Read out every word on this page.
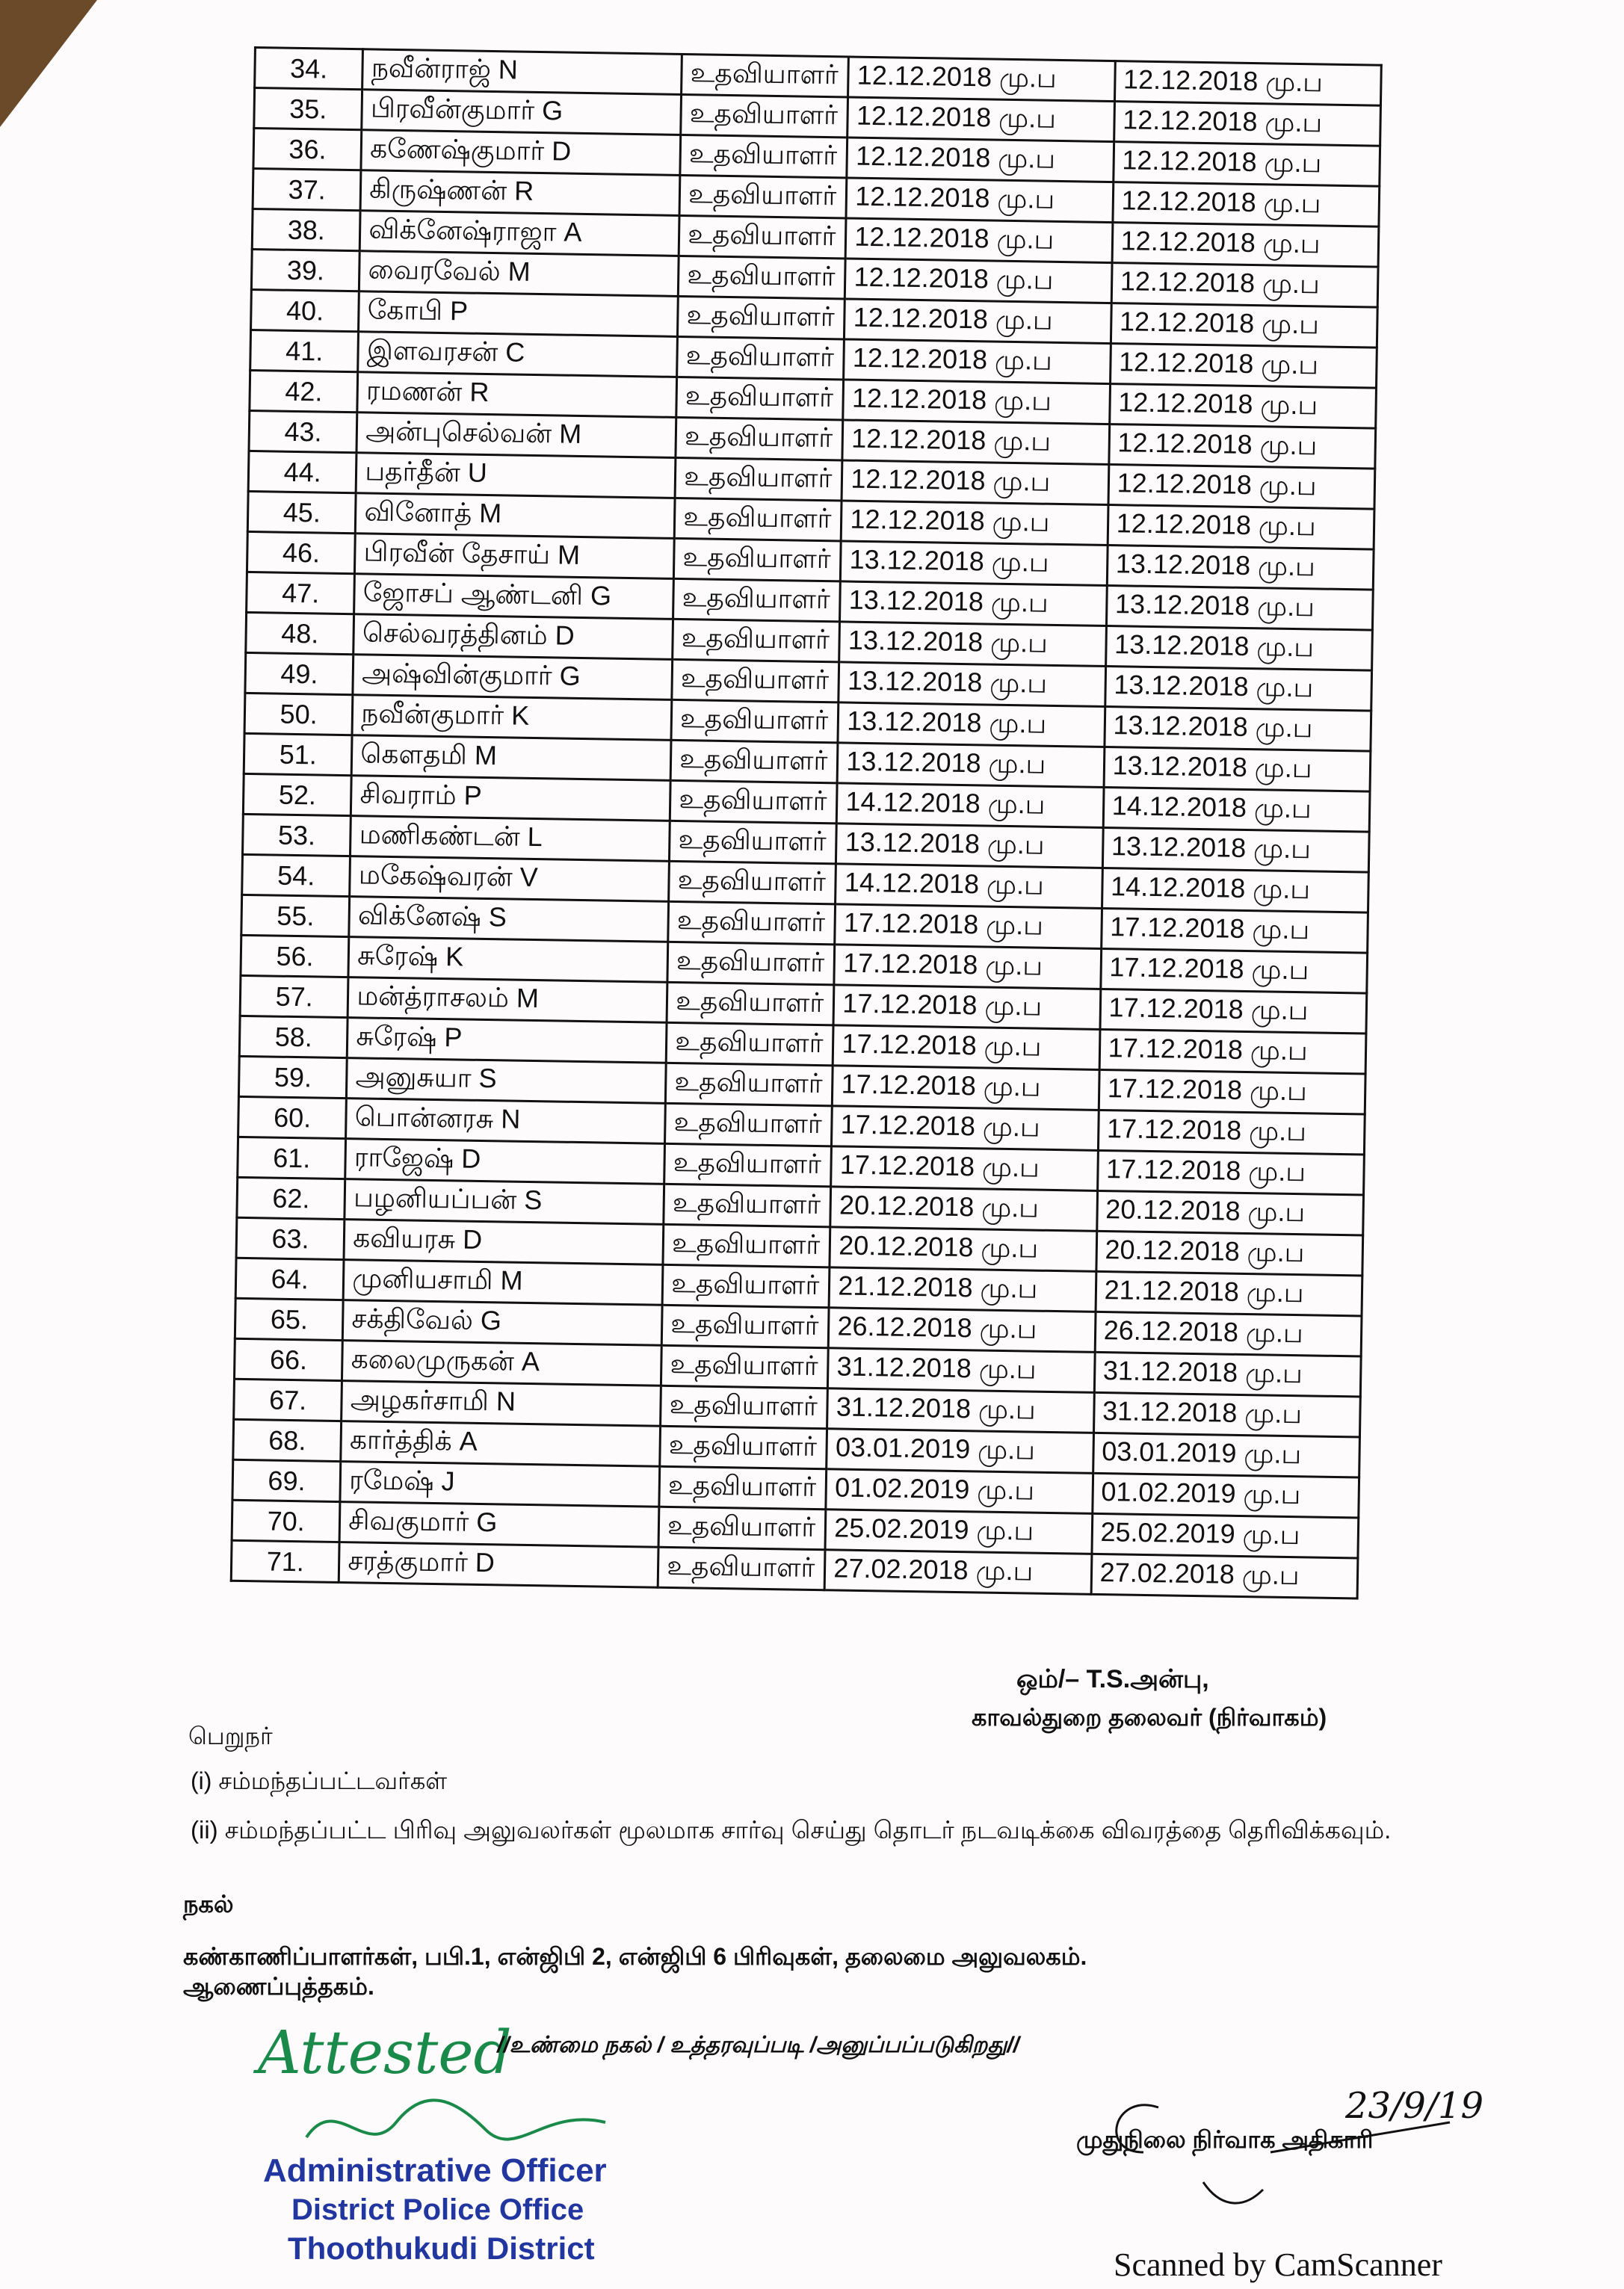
34.	நவீன்ராஜ் N	உதவியாளர்	12.12.2018 மு.ப	12.12.2018 மு.ப
35.	பிரவீன்குமார் G	உதவியாளர்	12.12.2018 மு.ப	12.12.2018 மு.ப
36.	கணேஷ்குமார் D	உதவியாளர்	12.12.2018 மு.ப	12.12.2018 மு.ப
37.	கிருஷ்ணன் R	உதவியாளர்	12.12.2018 மு.ப	12.12.2018 மு.ப
38.	விக்னேஷ்ராஜா A	உதவியாளர்	12.12.2018 மு.ப	12.12.2018 மு.ப
39.	வைரவேல் M	உதவியாளர்	12.12.2018 மு.ப	12.12.2018 மு.ப
40.	கோபி P	உதவியாளர்	12.12.2018 மு.ப	12.12.2018 மு.ப
41.	இளவரசன் C	உதவியாளர்	12.12.2018 மு.ப	12.12.2018 மு.ப
42.	ரமணன் R	உதவியாளர்	12.12.2018 மு.ப	12.12.2018 மு.ப
43.	அன்புசெல்வன் M	உதவியாளர்	12.12.2018 மு.ப	12.12.2018 மு.ப
44.	பதர்தீன் U	உதவியாளர்	12.12.2018 மு.ப	12.12.2018 மு.ப
45.	வினோத் M	உதவியாளர்	12.12.2018 மு.ப	12.12.2018 மு.ப
46.	பிரவீன் தேசாய் M	உதவியாளர்	13.12.2018 மு.ப	13.12.2018 மு.ப
47.	ஜோசப் ஆண்டனி G	உதவியாளர்	13.12.2018 மு.ப	13.12.2018 மு.ப
48.	செல்வரத்தினம் D	உதவியாளர்	13.12.2018 மு.ப	13.12.2018 மு.ப
49.	அஷ்வின்குமார் G	உதவியாளர்	13.12.2018 மு.ப	13.12.2018 மு.ப
50.	நவீன்குமார் K	உதவியாளர்	13.12.2018 மு.ப	13.12.2018 மு.ப
51.	கௌதமி M	உதவியாளர்	13.12.2018 மு.ப	13.12.2018 மு.ப
52.	சிவராம் P	உதவியாளர்	14.12.2018 மு.ப	14.12.2018 மு.ப
53.	மணிகண்டன் L	உதவியாளர்	13.12.2018 மு.ப	13.12.2018 மு.ப
54.	மகேஷ்வரன் V	உதவியாளர்	14.12.2018 மு.ப	14.12.2018 மு.ப
55.	விக்னேஷ் S	உதவியாளர்	17.12.2018 மு.ப	17.12.2018 மு.ப
56.	சுரேஷ் K	உதவியாளர்	17.12.2018 மு.ப	17.12.2018 மு.ப
57.	மன்த்ராசலம் M	உதவியாளர்	17.12.2018 மு.ப	17.12.2018 மு.ப
58.	சுரேஷ் P	உதவியாளர்	17.12.2018 மு.ப	17.12.2018 மு.ப
59.	அனுசுயா S	உதவியாளர்	17.12.2018 மு.ப	17.12.2018 மு.ப
60.	பொன்னரசு N	உதவியாளர்	17.12.2018 மு.ப	17.12.2018 மு.ப
61.	ராஜேஷ் D	உதவியாளர்	17.12.2018 மு.ப	17.12.2018 மு.ப
62.	பழனியப்பன் S	உதவியாளர்	20.12.2018 மு.ப	20.12.2018 மு.ப
63.	கவியரசு D	உதவியாளர்	20.12.2018 மு.ப	20.12.2018 மு.ப
64.	முனியசாமி M	உதவியாளர்	21.12.2018 மு.ப	21.12.2018 மு.ப
65.	சக்திவேல் G	உதவியாளர்	26.12.2018 மு.ப	26.12.2018 மு.ப
66.	கலைமுருகன் A	உதவியாளர்	31.12.2018 மு.ப	31.12.2018 மு.ப
67.	அழகர்சாமி N	உதவியாளர்	31.12.2018 மு.ப	31.12.2018 மு.ப
68.	கார்த்திக் A	உதவியாளர்	03.01.2019 மு.ப	03.01.2019 மு.ப
69.	ரமேஷ் J	உதவியாளர்	01.02.2019 மு.ப	01.02.2019 மு.ப
70.	சிவகுமார் G	உதவியாளர்	25.02.2019 மு.ப	25.02.2019 மு.ப
71.	சரத்குமார் D	உதவியாளர்	27.02.2018 மு.ப	27.02.2018 மு.ப
ஒம்/– T.S.அன்பு,
காவல்துறை தலைவர் (நிர்வாகம்)
பெறுநர்
(i) சம்மந்தப்பட்டவர்கள்
(ii) சம்மந்தப்பட்ட பிரிவு அலுவலர்கள் மூலமாக சார்வு செய்து தொடர் நடவடிக்கை விவரத்தை தெரிவிக்கவும்.
நகல்
கண்காணிப்பாளர்கள், பபி.1, என்ஜிபி 2, என்ஜிபி 6 பிரிவுகள், தலைமை அலுவலகம்.
ஆணைப்புத்தகம்.
Attested
//உண்மை நகல் / உத்தரவுப்படி /அனுப்பப்படுகிறது//
Administrative Officer
District Police Office
Thoothukudi District
23/9/19
முதுநிலை நிர்வாக அதிகாரி
Scanned by CamScanner
